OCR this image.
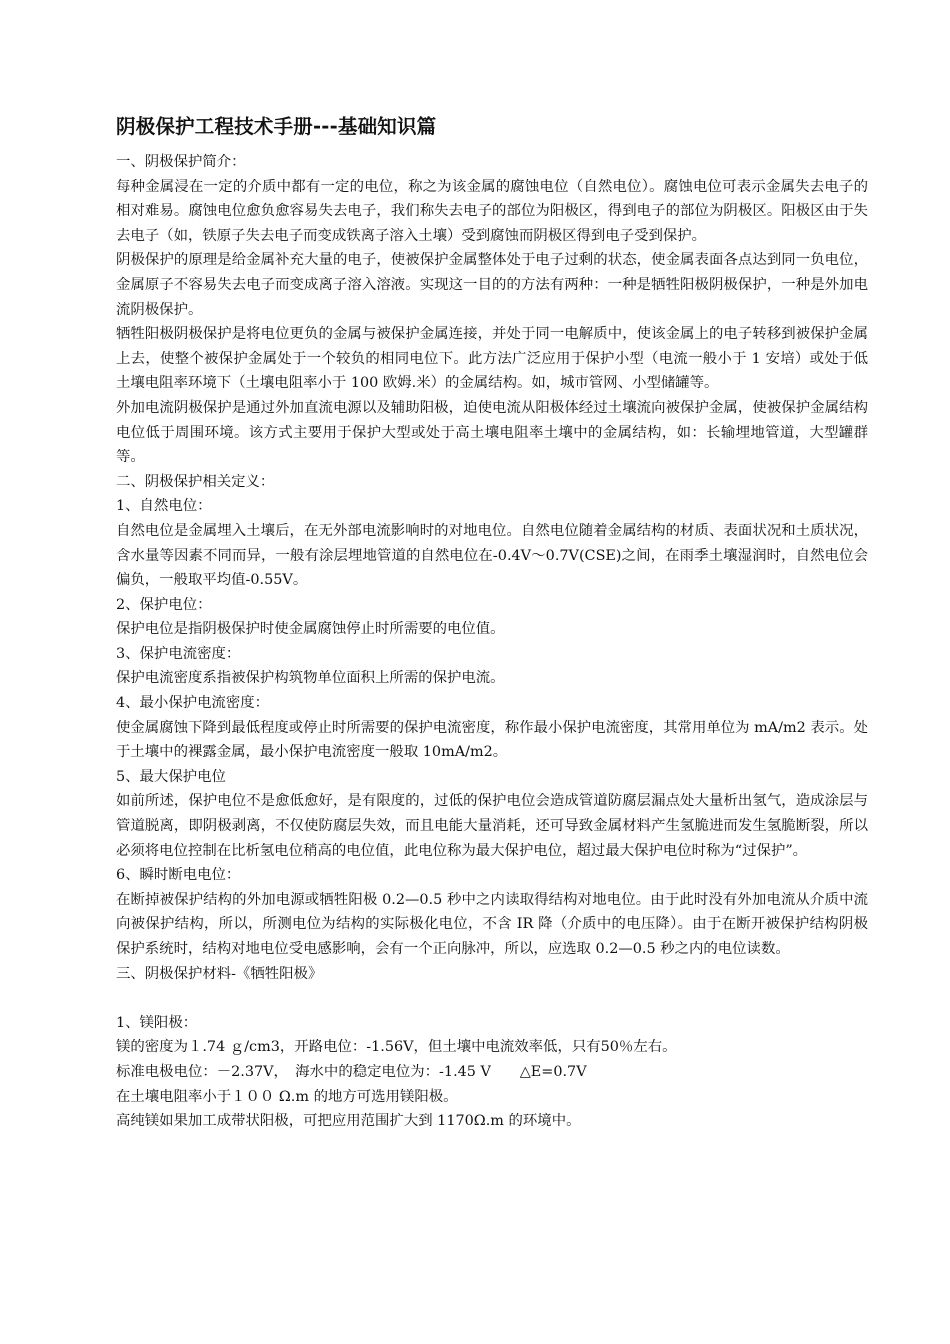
阴极保护工程技术手册---基础知识篇

一、阴极保护简介：

每种金属浸在一定的介质中都有一定的电位，称之为该金属的腐蚀电位（自然电位）。腐蚀电位可表示金属失去电子的相对难易。腐蚀电位愈负愈容易失去电子，我们称失去电子的部位为阳极区，得到电子的部位为阴极区。阳极区由于失去电子（如，铁原子失去电子而变成铁离子溶入土壤）受到腐蚀而阴极区得到电子受到保护。

阴极保护的原理是给金属补充大量的电子，使被保护金属整体处于电子过剩的状态，使金属表面各点达到同一负电位，金属原子不容易失去电子而变成离子溶入溶液。实现这一目的的方法有两种：一种是牺牲阳极阴极保护，一种是外加电流阴极保护。

牺牲阳极阴极保护是将电位更负的金属与被保护金属连接，并处于同一电解质中，使该金属上的电子转移到被保护金属上去，使整个被保护金属处于一个较负的相同电位下。此方法广泛应用于保护小型（电流一般小于 1 安培）或处于低土壤电阻率环境下（土壤电阻率小于 100 欧姆.米）的金属结构。如，城市管网、小型储罐等。

外加电流阴极保护是通过外加直流电源以及辅助阳极，迫使电流从阳极体经过土壤流向被保护金属，使被保护金属结构电位低于周围环境。该方式主要用于保护大型或处于高土壤电阻率土壤中的金属结构，如：长输埋地管道，大型罐群等。

二、阴极保护相关定义：

1、自然电位：

自然电位是金属埋入土壤后，在无外部电流影响时的对地电位。自然电位随着金属结构的材质、表面状况和土质状况，含水量等因素不同而异，一般有涂层埋地管道的自然电位在-0.4V～0.7V(CSE)之间，在雨季土壤湿润时，自然电位会偏负，一般取平均值-0.55V。

2、保护电位：

保护电位是指阴极保护时使金属腐蚀停止时所需要的电位值。

3、保护电流密度：

保护电流密度系指被保护构筑物单位面积上所需的保护电流。

4、最小保护电流密度：

使金属腐蚀下降到最低程度或停止时所需要的保护电流密度，称作最小保护电流密度，其常用单位为 mA/m2 表示。处于土壤中的裸露金属，最小保护电流密度一般取 10mA/m2。

5、最大保护电位

如前所述，保护电位不是愈低愈好，是有限度的，过低的保护电位会造成管道防腐层漏点处大量析出氢气，造成涂层与管道脱离，即阴极剥离，不仅使防腐层失效，而且电能大量消耗，还可导致金属材料产生氢脆进而发生氢脆断裂，所以必须将电位控制在比析氢电位稍高的电位值，此电位称为最大保护电位，超过最大保护电位时称为“过保护”。

6、瞬时断电电位：

在断掉被保护结构的外加电源或牺牲阳极 0.2—0.5 秒中之内读取得结构对地电位。由于此时没有外加电流从介质中流向被保护结构，所以，所测电位为结构的实际极化电位，不含 IR 降（介质中的电压降）。由于在断开被保护结构阴极保护系统时，结构对地电位受电感影响，会有一个正向脉冲，所以，应选取 0.2—0.5 秒之内的电位读数。

三、阴极保护材料-《牺牲阳极》

1、镁阳极：

镁的密度为１.74 ｇ/cm3，开路电位：-1.56V，但土壤中电流效率低，只有50％左右。

标准电极电位：－2.37V，　海水中的稳定电位为：-1.45 V　　△E=0.7V

在土壤电阻率小于１００ Ω.m 的地方可选用镁阳极。

高纯镁如果加工成带状阳极，可把应用范围扩大到 1170Ω.m 的环境中。
